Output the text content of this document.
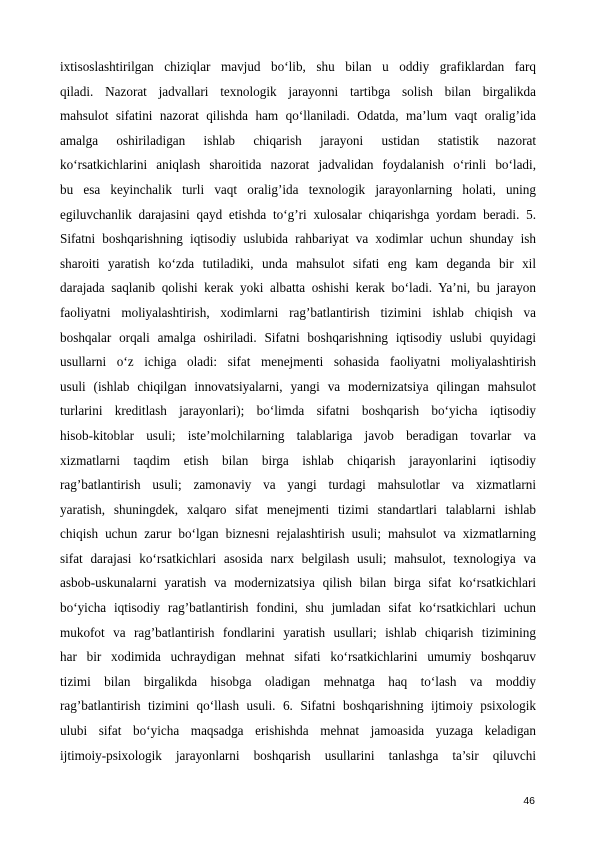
ixtisoslashtirilgan chiziqlar mavjud bo‘lib, shu bilan u oddiy grafiklardan farq
qiladi. Nazorat jadvallari texnologik jarayonni tartibga solish bilan birgalikda
mahsulot sifatini nazorat qilishda ham qo‘llaniladi. Odatda, ma’lum vaqt oralig’ida
amalga oshiriladigan ishlab chiqarish jarayoni ustidan statistik nazorat
ko‘rsatkichlarini aniqlash sharoitida nazorat jadvalidan foydalanish o‘rinli bo‘ladi,
bu esa keyinchalik turli vaqt oralig’ida texnologik jarayonlarning holati, uning
egiluvchanlik darajasini qayd etishda to‘g’ri xulosalar chiqarishga yordam beradi. 5.
Sifatni boshqarishning iqtisodiy uslubida rahbariyat va xodimlar uchun shunday ish
sharoiti yaratish ko‘zda tutiladiki, unda mahsulot sifati eng kam deganda bir xil
darajada saqlanib qolishi kerak yoki albatta oshishi kerak bo‘ladi. Ya’ni, bu jarayon
faoliyatni moliyalashtirish, xodimlarni rag’batlantirish tizimini ishlab chiqish va
boshqalar orqali amalga oshiriladi. Sifatni boshqarishning iqtisodiy uslubi quyidagi
usullarni o‘z ichiga oladi: sifat menejmenti sohasida faoliyatni moliyalashtirish
usuli (ishlab chiqilgan innovatsiyalarni, yangi va modernizatsiya qilingan mahsulot
turlarini kreditlash jarayonlari); bo‘limda sifatni boshqarish bo‘yicha iqtisodiy
hisob-kitoblar usuli; iste’molchilarning talablariga javob beradigan tovarlar va
xizmatlarni taqdim etish bilan birga ishlab chiqarish jarayonlarini iqtisodiy
rag’batlantirish usuli; zamonaviy va yangi turdagi mahsulotlar va xizmatlarni
yaratish, shuningdek, xalqaro sifat menejmenti tizimi standartlari talablarni ishlab
chiqish uchun zarur bo‘lgan biznesni rejalashtirish usuli; mahsulot va xizmatlarning
sifat darajasi ko‘rsatkichlari asosida narx belgilash usuli; mahsulot, texnologiya va
asbob-uskunalarni yaratish va modernizatsiya qilish bilan birga sifat ko‘rsatkichlari
bo‘yicha iqtisodiy rag’batlantirish fondini, shu jumladan sifat ko‘rsatkichlari uchun
mukofot va rag’batlantirish fondlarini yaratish usullari; ishlab chiqarish tizimining
har bir xodimida uchraydigan mehnat sifati ko‘rsatkichlarini umumiy boshqaruv
tizimi bilan birgalikda hisobga oladigan mehnatga haq to‘lash va moddiy
rag’batlantirish tizimini qo‘llash usuli. 6. Sifatni boshqarishning ijtimoiy psixologik
ulubi sifat bo‘yicha maqsadga erishishda mehnat jamoasida yuzaga keladigan
ijtimoiy-psixologik jarayonlarni boshqarish usullarini tanlashga ta’sir qiluvchi
46
